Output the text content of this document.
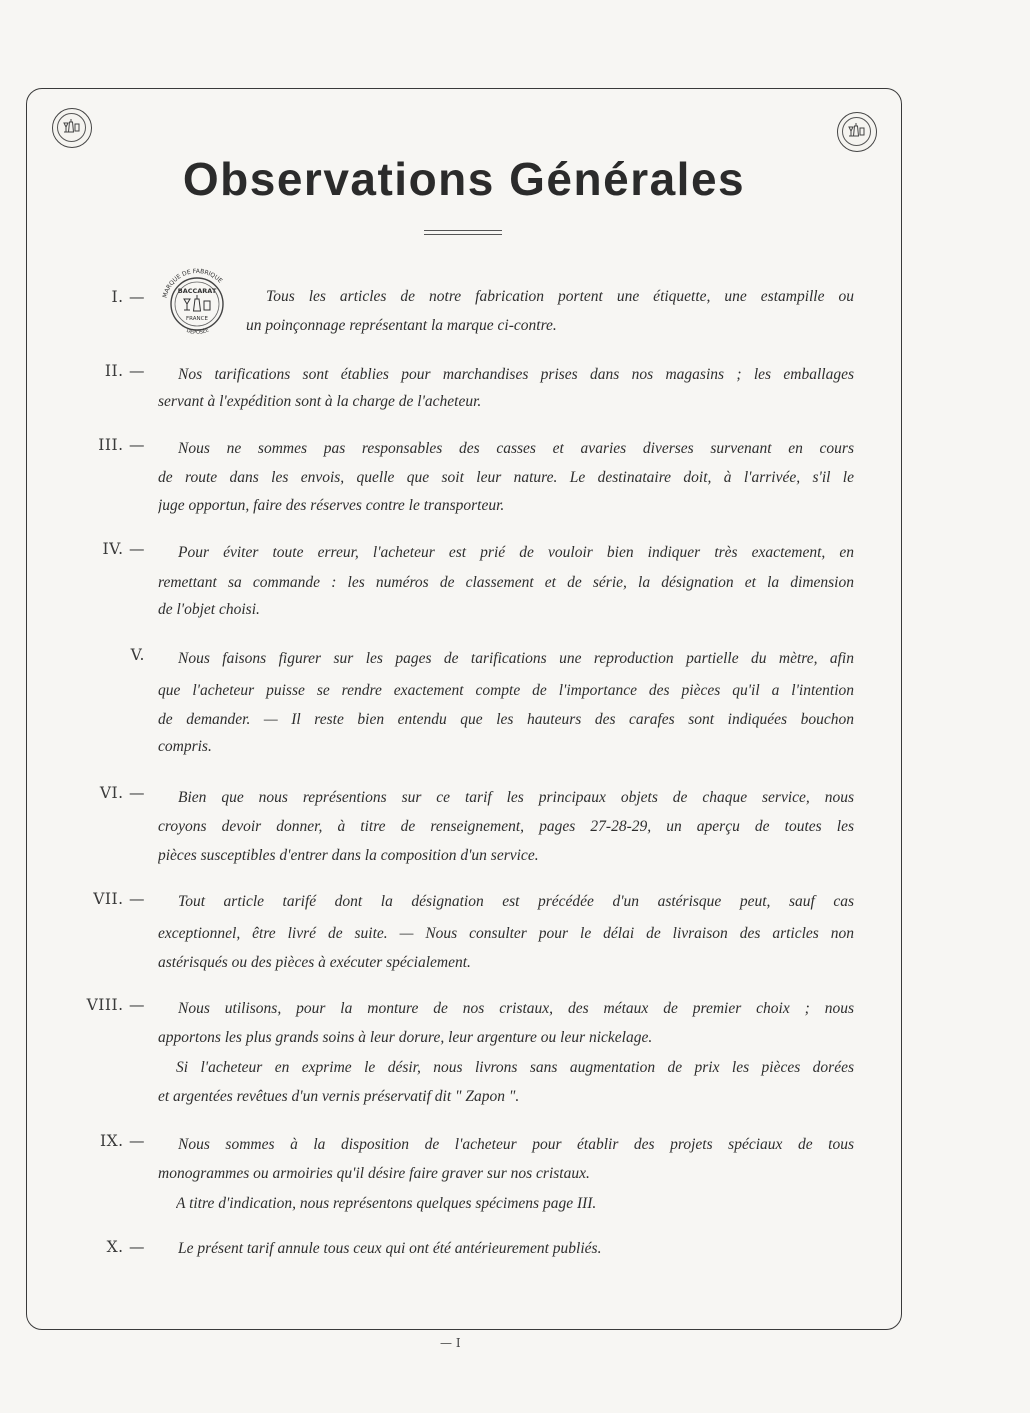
Observations Générales
MARQUE DE FABRIQUE
BACCARAT
FRANCE
DÉPOSÉE
I. —	Tous les articles de notre fabrication portent une étiquette, une estampille ou
un poinçonnage représentant la marque ci-contre.
II. — Nos tarifications sont établies pour marchandises prises dans nos magasins ; les emballages
servant à l'expédition sont à la charge de l'acheteur.
III. — Nous ne sommes pas responsables des casses et avaries diverses survenant en cours
de route dans les envois, quelle que soit leur nature. Le destinataire doit, à l'arrivée, s'il le
juge opportun, faire des réserves contre le transporteur.
IV. — Pour éviter toute erreur, l'acheteur est prié de vouloir bien indiquer très exactement, en
remettant sa commande : les numéros de classement et de série, la désignation et la dimension
de l'objet choisi.
V. Nous faisons figurer sur les pages de tarifications une reproduction partielle du mètre, afin
que l'acheteur puisse se rendre exactement compte de l'importance des pièces qu'il a l'intention
de demander. — Il reste bien entendu que les hauteurs des carafes sont indiquées bouchon
compris.
VI. — Bien que nous représentions sur ce tarif les principaux objets de chaque service, nous
croyons devoir donner, à titre de renseignement, pages 27-28-29, un aperçu de toutes les
pièces susceptibles d'entrer dans la composition d'un service.
VII. — Tout article tarifé dont la désignation est précédée d'un astérisque peut, sauf cas
exceptionnel, être livré de suite. — Nous consulter pour le délai de livraison des articles non
astérisqués ou des pièces à exécuter spécialement.
VIII. — Nous utilisons, pour la monture de nos cristaux, des métaux de premier choix ; nous
apportons les plus grands soins à leur dorure, leur argenture ou leur nickelage.
Si l'acheteur en exprime le désir, nous livrons sans augmentation de prix les pièces dorées
et argentées revêtues d'un vernis préservatif dit " Zapon ".
IX. — Nous sommes à la disposition de l'acheteur pour établir des projets spéciaux de tous
monogrammes ou armoiries qu'il désire faire graver sur nos cristaux.
A titre d'indication, nous représentons quelques spécimens page III.
X. — Le présent tarif annule tous ceux qui ont été antérieurement publiés.
— I
